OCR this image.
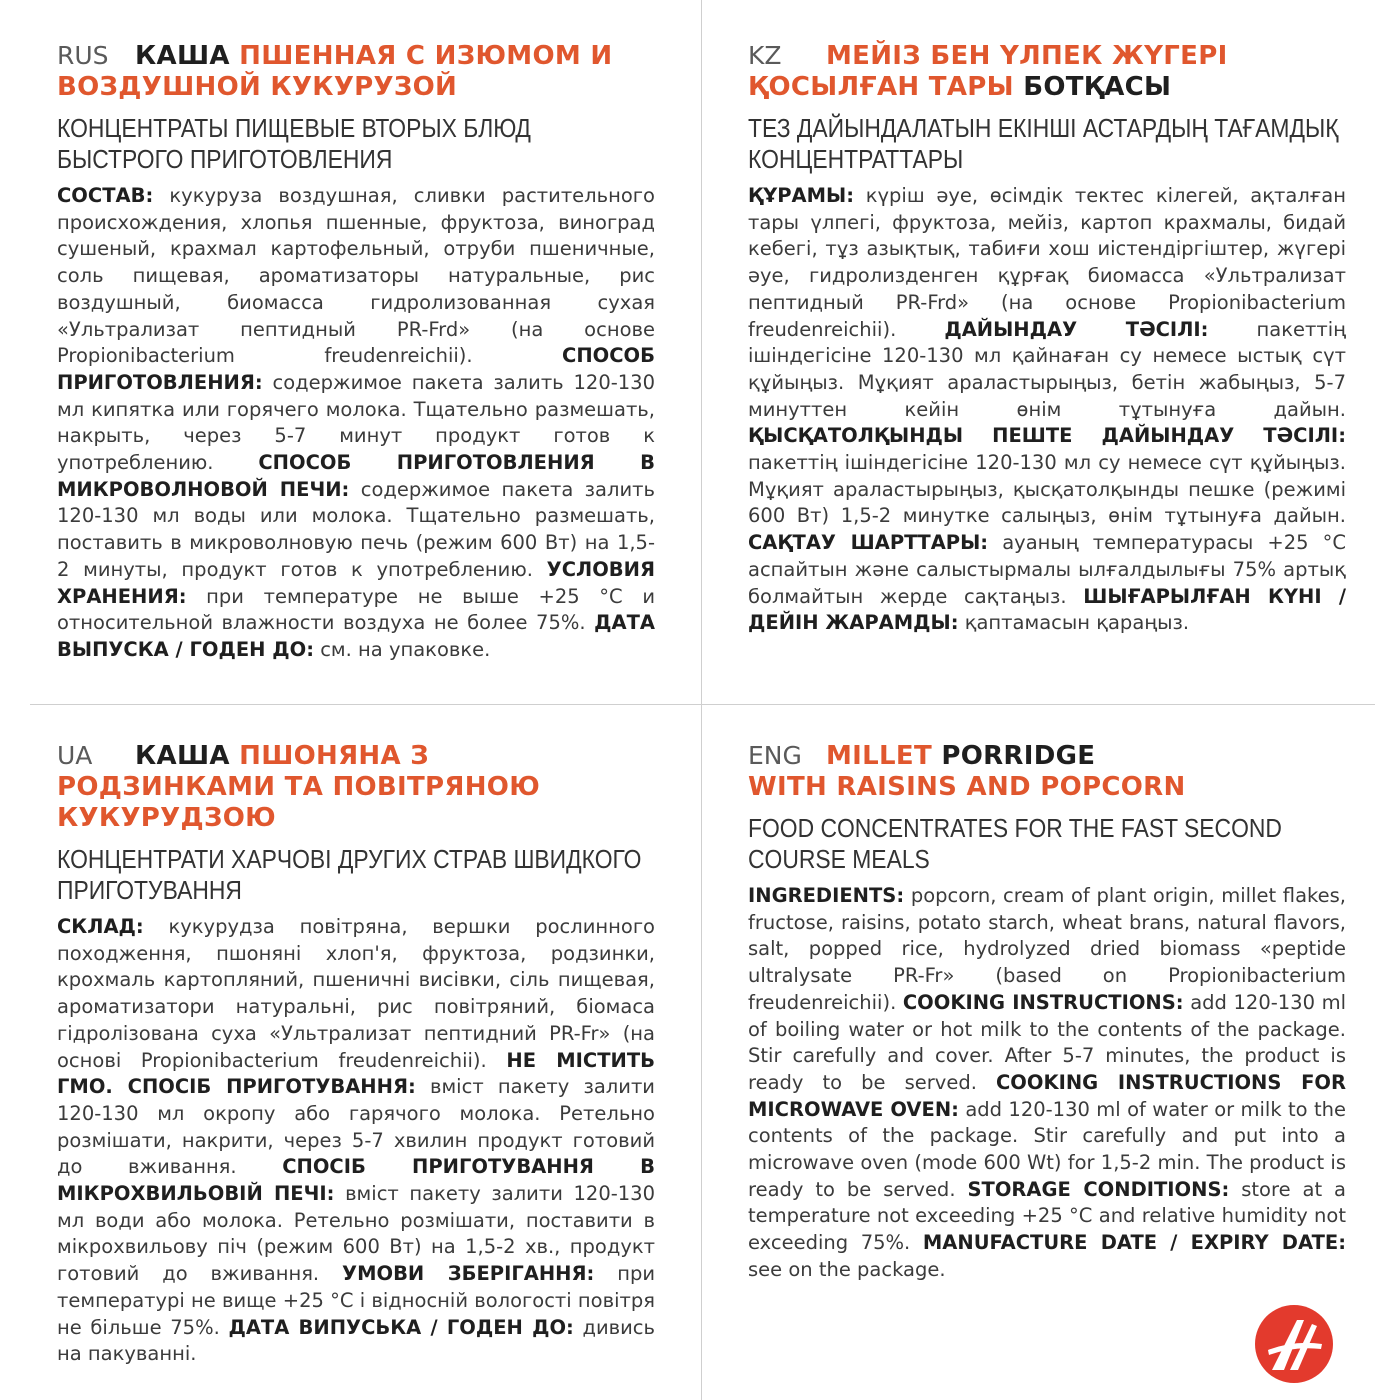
RUS КАША ПШЕННАЯ С ИЗЮМОМ И ВОЗДУШНОЙ КУКУРУЗОЙ
КОНЦЕНТРАТЫ ПИЩЕВЫЕ ВТОРЫХ БЛЮД БЫСТРОГО ПРИГОТОВЛЕНИЯ

СОСТАВ: кукуруза воздушная, сливки растительного происхождения, хлопья пшенные, фруктоза, виноград сушеный, крахмал картофельный, отруби пшеничные, соль пищевая, ароматизаторы натуральные, рис воздушный, биомасса гидролизованная сухая «Ультрализат пептидный PR-Frd» (на основе Propionibacterium freudenreichii). СПОСОБ ПРИГОТОВЛЕНИЯ: содержимое пакета залить 120-130 мл кипятка или горячего молока. Тщательно размешать, накрыть, через 5-7 минут продукт готов к употреблению. СПОСОБ ПРИГОТОВЛЕНИЯ В МИКРОВОЛНОВОЙ ПЕЧИ: содержимое пакета залить 120-130 мл воды или молока. Тщательно размешать, поставить в микроволновую печь (режим 600 Вт) на 1,5-2 минуты, продукт готов к употреблению. УСЛОВИЯ ХРАНЕНИЯ: при температуре не выше +25 °С и относительной влажности воздуха не более 75%. ДАТА ВЫПУСКА / ГОДЕН ДО: см. на упаковке.

KZ МЕЙІЗ БЕН ҮЛПЕК ЖҮГЕРІ ҚОСЫЛҒАН ТАРЫ БОТҚАСЫ
ТЕЗ ДАЙЫНДАЛАТЫН ЕКІНШІ АСТАРДЫҢ ТАҒАМДЫҚ КОНЦЕНТРАТТАРЫ

ҚҰРАМЫ: күріш әуе, өсімдік тектес кілегей, ақталған тары үлпегі, фруктоза, мейіз, картоп крахмалы, бидай кебегі, тұз азықтық, табиғи хош иістендіргіштер, жүгері әуе, гидролизденген құрғақ биомасса «Ультрализат пептидный PR-Frd» (на основе Propionibacterium freudenreichii). ДАЙЫНДАУ ТӘСІЛІ: пакеттің ішіндегісіне 120-130 мл қайнаған су немесе ыстық сүт құйыңыз. Мұқият араластырыңыз, бетін жабыңыз, 5-7 минуттен кейін өнім тұтынуға дайын. ҚЫСҚАТОЛҚЫНДЫ ПЕШТЕ ДАЙЫНДАУ ТӘСІЛІ: пакеттің ішіндегісіне 120-130 мл су немесе сүт құйыңыз. Мұқият араластырыңыз, қысқатолқынды пешке (режимі 600 Вт) 1,5-2 минутке салыңыз, өнім тұтынуға дайын. САҚТАУ ШАРТТАРЫ: ауаның температурасы +25 °С аспайтын және салыстырмалы ылғалдылығы 75% артық болмайтын жерде сақтаңыз. ШЫҒАРЫЛҒАН КҮНІ / ДЕЙІН ЖАРАМДЫ: қаптамасын қараңыз.

UA КАША ПШОНЯНА З РОДЗИНКАМИ ТА ПОВІТРЯНОЮ КУКУРУДЗОЮ
КОНЦЕНТРАТИ ХАРЧОВІ ДРУГИХ СТРАВ ШВИДКОГО ПРИГОТУВАННЯ

СКЛАД: кукурудза повітряна, вершки рослинного походження, пшоняні хлоп'я, фруктоза, родзинки, крохмаль картопляний, пшеничні висівки, сіль пищевая, ароматизатори натуральні, рис повітряний, біомаса гідролізована суха «Ультрализат пептидний PR-Fr» (на основі Propionibacterium freudenreichii). НЕ МІСТИТЬ ГМО. СПОСІБ ПРИГОТУВАННЯ: вміст пакету залити 120-130 мл окропу або гарячого молока. Ретельно розмішати, накрити, через 5-7 хвилин продукт готовий до вживання. СПОСІБ ПРИГОТУВАННЯ В МІКРОХВИЛЬОВІЙ ПЕЧІ: вміст пакету залити 120-130 мл води або молока. Ретельно розмішати, поставити в мікрохвильову піч (режим 600 Вт) на 1,5-2 хв., продукт готовий до вживання. УМОВИ ЗБЕРІГАННЯ: при температурі не вище +25 °С і відносній вологості повітря не більше 75%. ДАТА ВИПУСЬКА / ГОДЕН ДО: дивись на пакуванні.

ENG MILLET PORRIDGE
WITH RAISINS AND POPCORN
FOOD CONCENTRATES FOR THE FAST SECOND COURSE MEALS

INGREDIENTS: popcorn, cream of plant origin, millet flakes, fructose, raisins, potato starch, wheat brans, natural flavors, salt, popped rice, hydrolyzed dried biomass «peptide ultralysate PR-Fr» (based on Propionibacterium freudenreichii). COOKING INSTRUCTIONS: add 120-130 ml of boiling water or hot milk to the contents of the package. Stir carefully and cover. After 5-7 minutes, the product is ready to be served. COOKING INSTRUCTIONS FOR MICROWAVE OVEN: add 120-130 ml of water or milk to the contents of the package. Stir carefully and put into a microwave oven (mode 600 Wt) for 1,5-2 min. The product is ready to be served. STORAGE CONDITIONS: store at a temperature not exceeding +25 °C and relative humidity not exceeding 75%. MANUFACTURE DATE / EXPIRY DATE: see on the package.
